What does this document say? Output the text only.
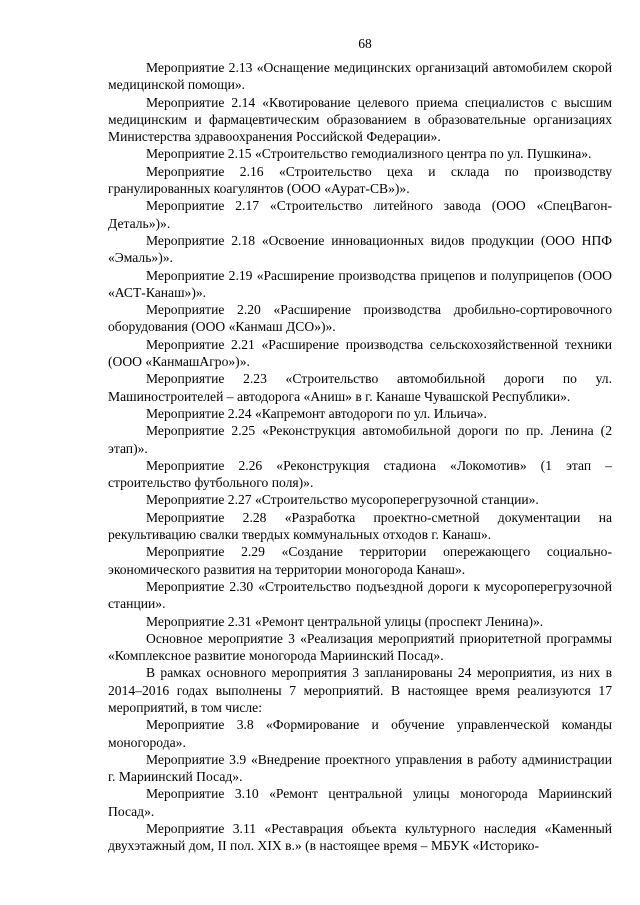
68

Мероприятие 2.13 «Оснащение медицинских организаций автомобилем скорой медицинской помощи».

Мероприятие 2.14 «Квотирование целевого приема специалистов с высшим медицинским и фармацевтическим образованием в образовательные организациях Министерства здравоохранения Российской Федерации».

Мероприятие 2.15 «Строительство гемодиализного центра по ул. Пушкина».

Мероприятие 2.16 «Строительство цеха и склада по производству гранулированных коагулянтов (ООО «Аурат-СВ»)».

Мероприятие 2.17 «Строительство литейного завода (ООО «СпецВагон-Деталь»)».

Мероприятие 2.18 «Освоение инновационных видов продукции (ООО НПФ «Эмаль»)».

Мероприятие 2.19 «Расширение производства прицепов и полуприцепов (ООО «АСТ-Канаш»)».

Мероприятие 2.20 «Расширение производства дробильно-сортировочного оборудования (ООО «Канмаш ДСО»)».

Мероприятие 2.21 «Расширение производства сельскохозяйственной техники (ООО «КанмашАгро»)».

Мероприятие 2.23 «Строительство автомобильной дороги по ул. Машиностроителей – автодорога «Аниш» в г. Канаше Чувашской Республики».

Мероприятие 2.24 «Капремонт автодороги по ул. Ильича».

Мероприятие 2.25 «Реконструкция автомобильной дороги по пр. Ленина (2 этап)».

Мероприятие 2.26 «Реконструкция стадиона «Локомотив» (1 этап – строительство футбольного поля)».

Мероприятие 2.27 «Строительство мусороперегрузочной станции».

Мероприятие 2.28 «Разработка проектно-сметной документации на рекультивацию свалки твердых коммунальных отходов г. Канаш».

Мероприятие 2.29 «Создание территории опережающего социально-экономического развития на территории моногорода Канаш».

Мероприятие 2.30 «Строительство подъездной дороги к мусороперегрузочной станции».

Мероприятие 2.31 «Ремонт центральной улицы (проспект Ленина)».

Основное мероприятие 3 «Реализация мероприятий приоритетной программы «Комплексное развитие моногорода Мариинский Посад».

В рамках основного мероприятия 3 запланированы 24 мероприятия, из них в 2014–2016 годах выполнены 7 мероприятий. В настоящее время реализуются 17 мероприятий, в том числе:

Мероприятие 3.8 «Формирование и обучение управленческой команды моногорода».

Мероприятие 3.9 «Внедрение проектного управления в работу администрации г. Мариинский Посад».

Мероприятие 3.10 «Ремонт центральной улицы моногорода Мариинский Посад».

Мероприятие 3.11 «Реставрация объекта культурного наследия «Каменный двухэтажный дом, II пол. XIX в.» (в настоящее время – МБУК «Историко-
